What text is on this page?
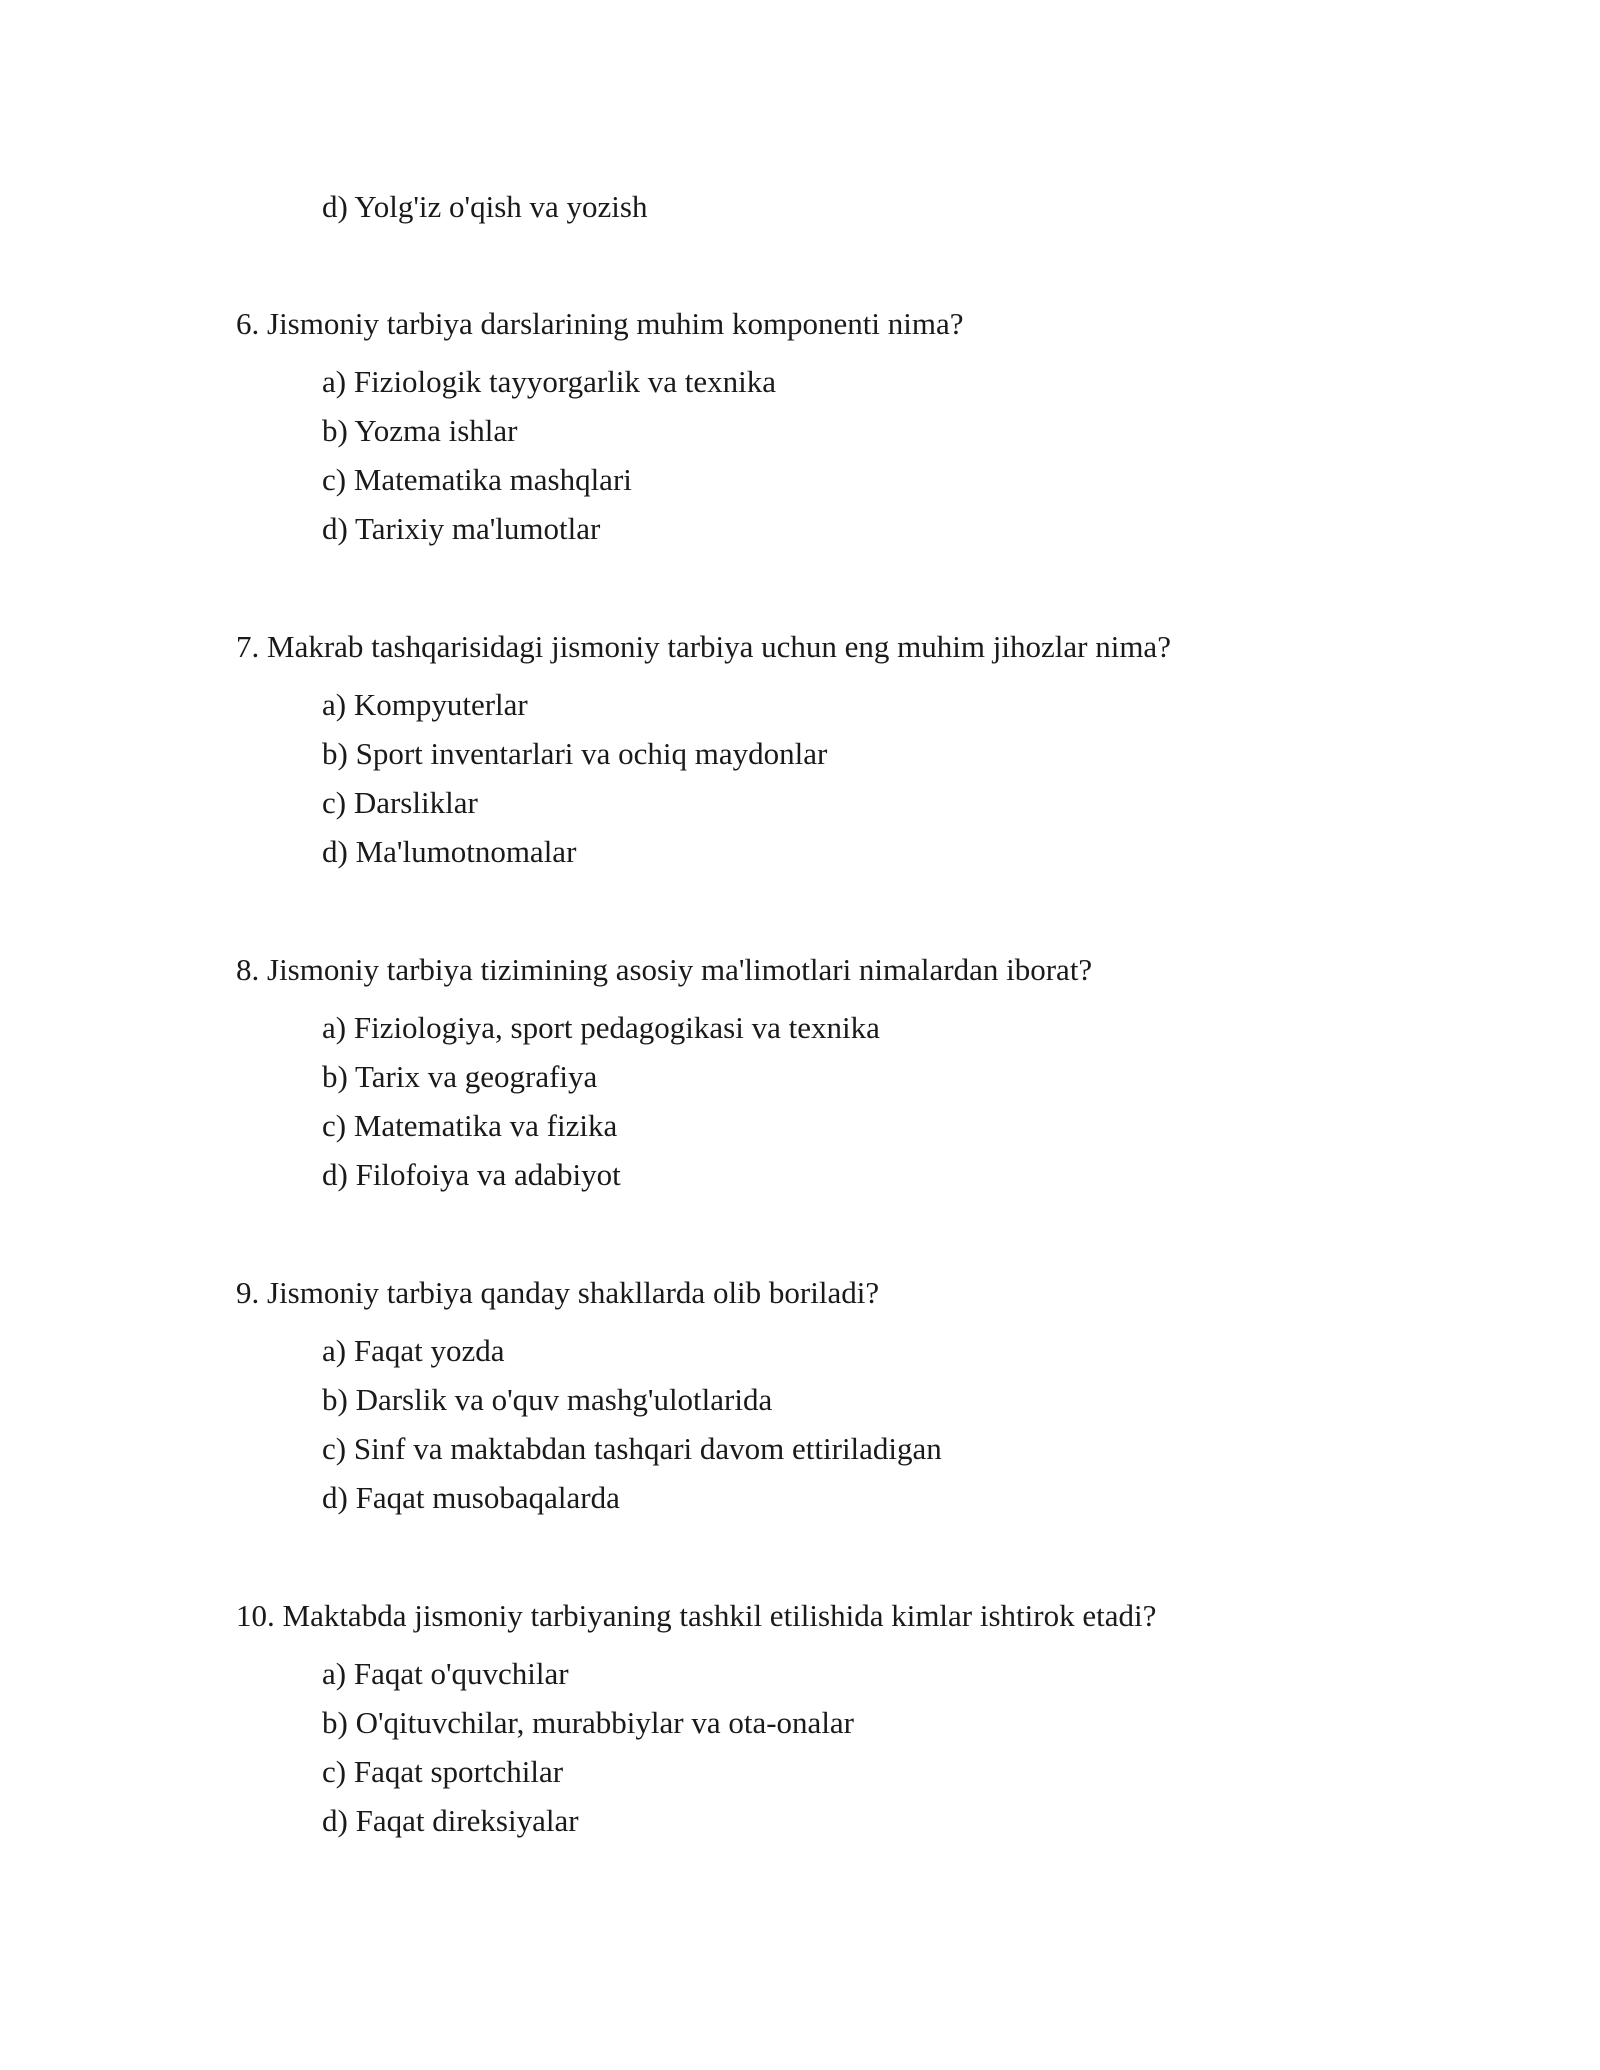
d) Yolg'iz o'qish va yozish
6. Jismoniy tarbiya darslarining muhim komponenti nima?
a) Fiziologik tayyorgarlik va texnika
b) Yozma ishlar
c) Matematika mashqlari
d) Tarixiy ma'lumotlar
7. Makrab tashqarisidagi jismoniy tarbiya uchun eng muhim jihozlar nima?
a) Kompyuterlar
b) Sport inventarlari va ochiq maydonlar
c) Darsliklar
d) Ma'lumotnomalar
8. Jismoniy tarbiya tizimining asosiy ma'limotlari nimalardan iborat?
a) Fiziologiya, sport pedagogikasi va texnika
b) Tarix va geografiya
c) Matematika va fizika
d) Filofoiya va adabiyot
9. Jismoniy tarbiya qanday shakllarda olib boriladi?
a) Faqat yozda
b) Darslik va o'quv mashg'ulotlarida
c) Sinf va maktabdan tashqari davom ettiriladigan
d) Faqat musobaqalarda
10. Maktabda jismoniy tarbiyaning tashkil etilishida kimlar ishtirok etadi?
a) Faqat o'quvchilar
b) O'qituvchilar, murabbiylar va ota-onalar
c) Faqat sportchilar
d) Faqat direksiyalar
